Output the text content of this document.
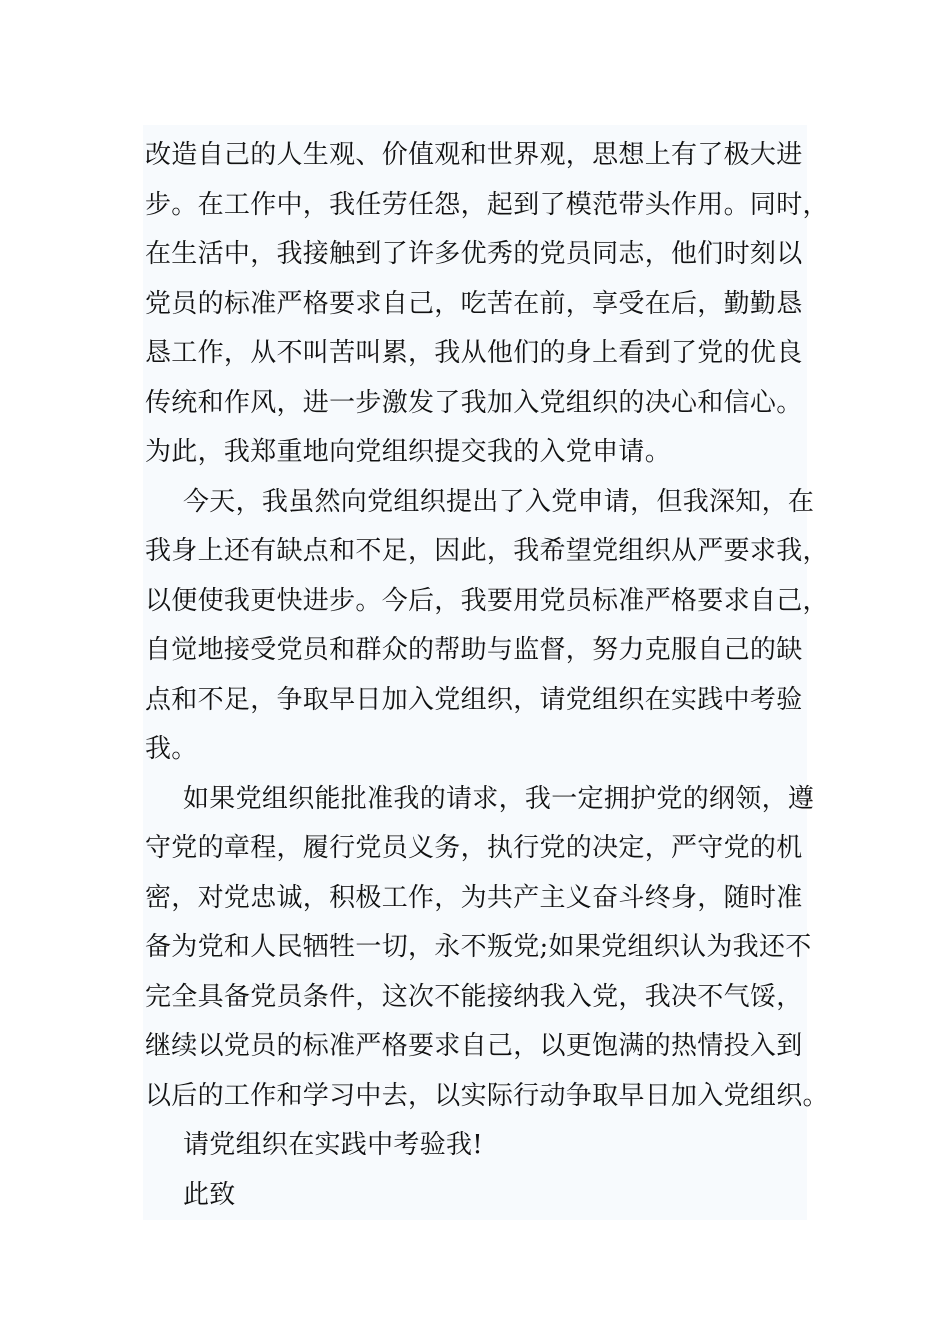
改造自己的人生观、价值观和世界观，思想上有了极大进
步。在工作中，我任劳任怨，起到了模范带头作用。同时，
在生活中，我接触到了许多优秀的党员同志，他们时刻以
党员的标准严格要求自己，吃苦在前，享受在后，勤勤恳
恳工作，从不叫苦叫累，我从他们的身上看到了党的优良
传统和作风，进一步激发了我加入党组织的决心和信心。
为此，我郑重地向党组织提交我的入党申请。
今天，我虽然向党组织提出了入党申请，但我深知，在
我身上还有缺点和不足，因此，我希望党组织从严要求我，
以便使我更快进步。今后，我要用党员标准严格要求自己，
自觉地接受党员和群众的帮助与监督，努力克服自己的缺
点和不足，争取早日加入党组织，请党组织在实践中考验
我。
如果党组织能批准我的请求，我一定拥护党的纲领，遵
守党的章程，履行党员义务，执行党的决定，严守党的机
密，对党忠诚，积极工作，为共产主义奋斗终身，随时准
备为党和人民牺牲一切，永不叛党;如果党组织认为我还不
完全具备党员条件，这次不能接纳我入党，我决不气馁，
继续以党员的标准严格要求自己，以更饱满的热情投入到
以后的工作和学习中去，以实际行动争取早日加入党组织。
请党组织在实践中考验我!
此致
